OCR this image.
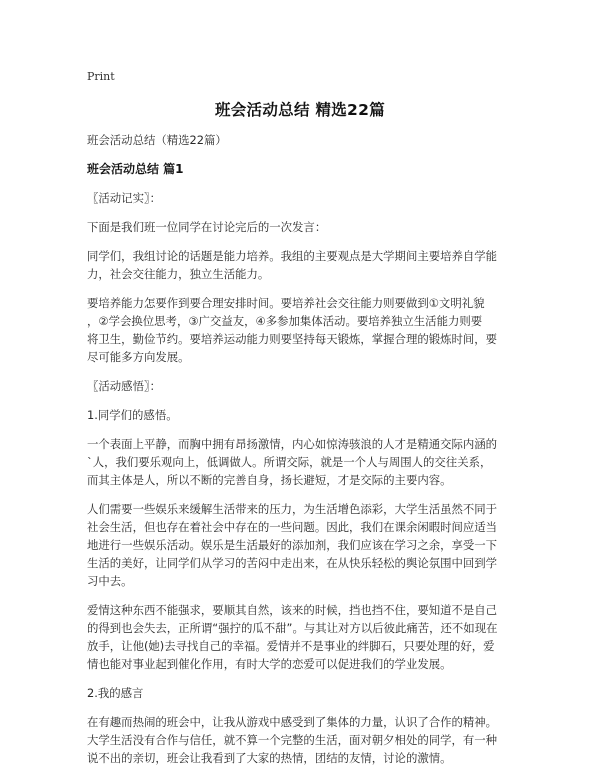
Print
班会活动总结 精选22篇

班会活动总结（精选22篇）

班会活动总结 篇1

〖活动记实〗：

下面是我们班一位同学在讨论完后的一次发言：

同学们，我组讨论的话题是能力培养。我组的主要观点是大学期间主要培养自学能

力，社会交往能力，独立生活能力。

要培养能力怎要作到要合理安排时间。要培养社会交往能力则要做到①文明礼貌

，②学会换位思考，③广交益友，④多参加集体活动。要培养独立生活能力则要

将卫生，勤俭节约。要培养运动能力则要坚持每天锻炼，掌握合理的锻炼时间，要

尽可能多方向发展。

〖活动感悟〗：

1.同学们的感悟。

一个表面上平静，而胸中拥有昂扬激情，内心如惊涛骇浪的人才是精通交际内涵的

`人，我们要乐观向上，低调做人。所谓交际，就是一个人与周围人的交往关系，

而其主体是人，所以不断的完善自身，扬长避短，才是交际的主要内容。

人们需要一些娱乐来缓解生活带来的压力，为生活增色添彩，大学生活虽然不同于

社会生活，但也存在着社会中存在的一些问题。因此，我们在课余闲暇时间应适当

地进行一些娱乐活动。娱乐是生活最好的添加剂，我们应该在学习之余，享受一下

生活的美好，让同学们从学习的苦闷中走出来，在从快乐轻松的舆论氛围中回到学

习中去。

爱情这种东西不能强求，要顺其自然，该来的时候，挡也挡不住，要知道不是自己

的得到也会失去，正所谓“强拧的瓜不甜”。与其让对方以后彼此痛苦，还不如现在

放手，让他(她)去寻找自己的幸福。爱情并不是事业的绊脚石，只要处理的好，爱

情也能对事业起到催化作用，有时大学的恋爱可以促进我们的学业发展。

2.我的感言

在有趣而热闹的班会中，让我从游戏中感受到了集体的力量，认识了合作的精神。

大学生活没有合作与信任，就不算一个完整的生活，面对朝夕相处的同学，有一种

说不出的亲切，班会让我看到了大家的热情，团结的友情，讨论的激情。
